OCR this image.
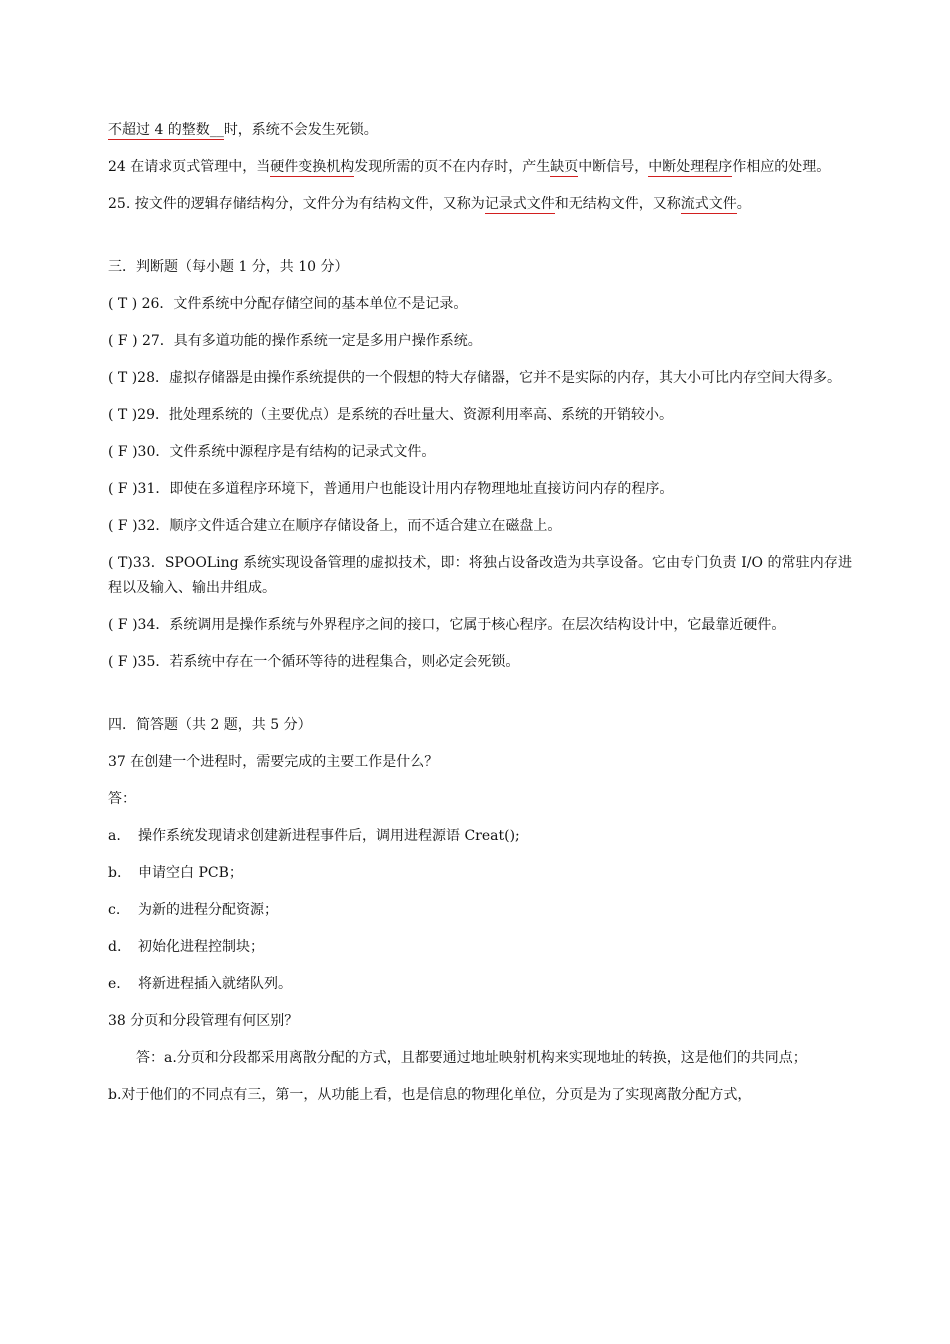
不超过 4 的整数__时，系统不会发生死锁。

24 在请求页式管理中，当硬件变换机构发现所需的页不在内存时，产生缺页中断信号，中断处理程序作相应的处理。

25. 按文件的逻辑存储结构分，文件分为有结构文件，又称为记录式文件和无结构文件，又称流式文件。

三．判断题（每小题 1 分，共 10 分）

( T ) 26．文件系统中分配存储空间的基本单位不是记录。

( F ) 27．具有多道功能的操作系统一定是多用户操作系统。

( T )28．虚拟存储器是由操作系统提供的一个假想的特大存储器，它并不是实际的内存，其大小可比内存空间大得多。

( T )29．批处理系统的（主要优点）是系统的吞吐量大、资源利用率高、系统的开销较小。

( F )30．文件系统中源程序是有结构的记录式文件。

( F )31．即使在多道程序环境下，普通用户也能设计用内存物理地址直接访问内存的程序。

( F )32．顺序文件适合建立在顺序存储设备上，而不适合建立在磁盘上。

( T)33．SPOOLing 系统实现设备管理的虚拟技术，即：将独占设备改造为共享设备。它由专门负责 I/O 的常驻内存进程以及输入、输出井组成。

( F )34．系统调用是操作系统与外界程序之间的接口，它属于核心程序。在层次结构设计中，它最靠近硬件。

( F )35．若系统中存在一个循环等待的进程集合，则必定会死锁。

四．简答题（共 2 题，共 5 分）

37 在创建一个进程时，需要完成的主要工作是什么？

答：

a.	操作系统发现请求创建新进程事件后，调用进程源语 Creat();
b.	申请空白 PCB；
c.	为新的进程分配资源；
d.	初始化进程控制块；
e.	将新进程插入就绪队列。

38 分页和分段管理有何区别？

答：a.分页和分段都采用离散分配的方式，且都要通过地址映射机构来实现地址的转换，这是他们的共同点；

b.对于他们的不同点有三，第一，从功能上看，也是信息的物理化单位，分页是为了实现离散分配方式，
